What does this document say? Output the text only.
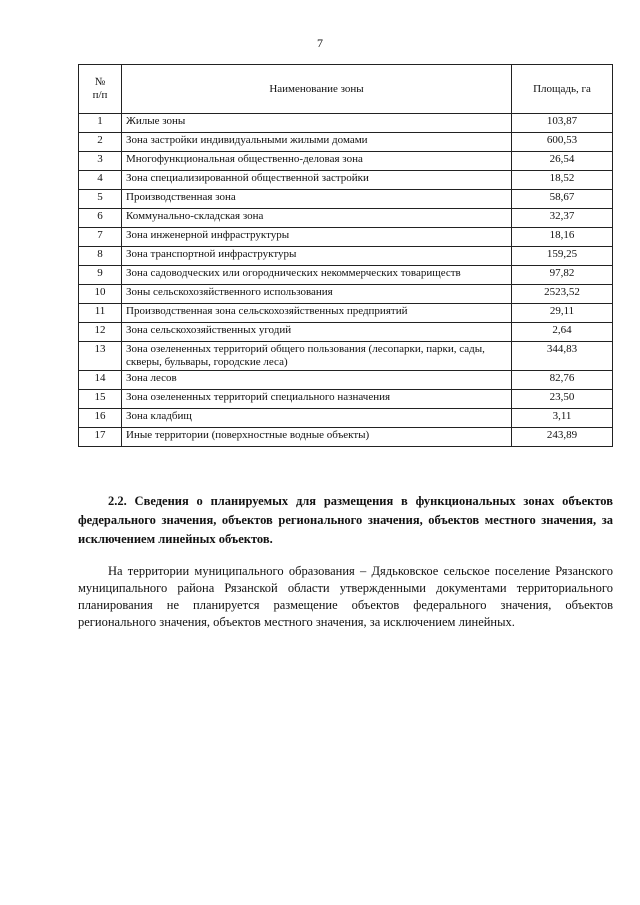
7
№
п/п	Наименование зоны	Площадь, га
1	Жилые зоны	103,87
2	Зона застройки индивидуальными жилыми домами	600,53
3	Многофункциональная общественно-деловая зона	26,54
4	Зона специализированной общественной застройки	18,52
5	Производственная зона	58,67
6	Коммунально-складская зона	32,37
7	Зона инженерной инфраструктуры	18,16
8	Зона транспортной инфраструктуры	159,25
9	Зона садоводческих или огороднических некоммерческих товариществ	97,82
10	Зоны сельскохозяйственного использования	2523,52
11	Производственная зона сельскохозяйственных предприятий	29,11
12	Зона сельскохозяйственных угодий	2,64
13	Зона озелененных территорий общего пользования (лесопарки, парки, сады, скверы, бульвары, городские леса)	344,83
14	Зона лесов	82,76
15	Зона озелененных территорий специального назначения	23,50
16	Зона кладбищ	3,11
17	Иные территории (поверхностные водные объекты)	243,89
2.2. Сведения о планируемых для размещения в функциональных зонах объектов федерального значения, объектов регионального значения, объектов местного значения, за исключением линейных объектов.
На территории муниципального образования – Дядьковское сельское поселение Рязанского муниципального района Рязанской области утвержденными документами территориального планирования не планируется размещение объектов федерального значения, объектов регионального значения, объектов местного значения, за исключением линейных.
